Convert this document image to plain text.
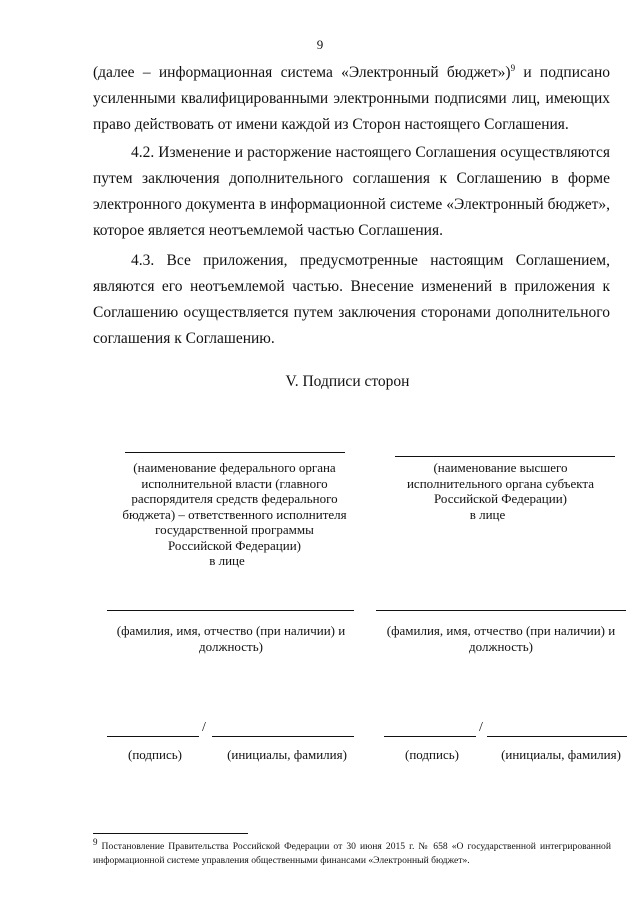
9
(далее – информационная система «Электронный бюджет»)$^9$ и подписано усиленными квалифицированными электронными подписями лиц, имеющих право действовать от имени каждой из Сторон настоящего Соглашения.
4.2. Изменение и расторжение настоящего Соглашения осуществляются путем заключения дополнительного соглашения к Соглашению в форме электронного документа в информационной системе «Электронный бюджет», которое является неотъемлемой частью Соглашения.
4.3. Все приложения, предусмотренные настоящим Соглашением, являются его неотъемлемой частью. Внесение изменений в приложения к Соглашению осуществляется путем заключения сторонами дополнительного соглашения к Соглашению.
V. Подписи сторон
(наименование федерального органа исполнительной власти (главного распорядителя средств федерального бюджета) – ответственного исполнителя государственной программы Российской Федерации)
в лице
(фамилия, имя, отчество (при наличии) и должность)
/
(подпись)	(инициалы, фамилия)
(наименование высшего исполнительного органа субъекта Российской Федерации)
в лице
(фамилия, имя, отчество (при наличии) и должность)
/
(подпись)	(инициалы, фамилия)
$^9$ Постановление Правительства Российской Федерации от 30 июня 2015 г. № 658 «О государственной интегрированной информационной системе управления общественными финансами «Электронный бюджет».
